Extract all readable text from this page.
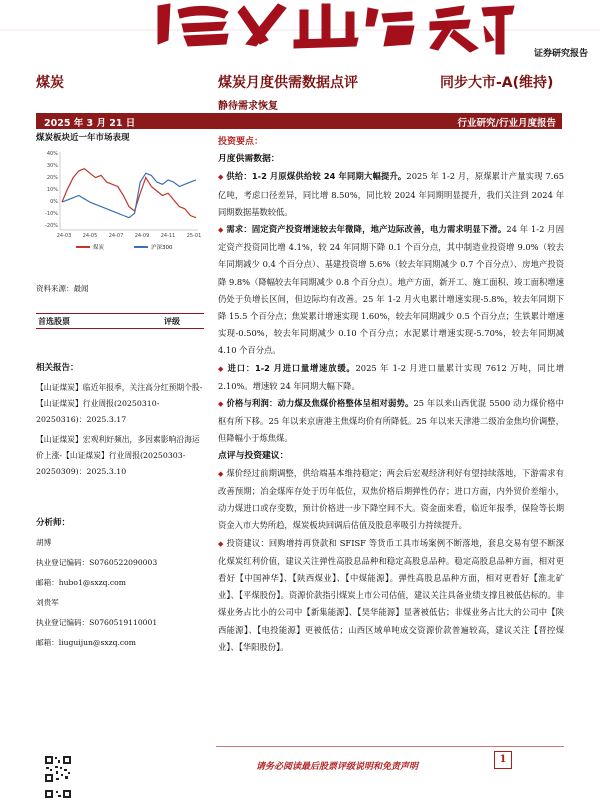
证券研究报告
煤炭	煤炭月度供需数据点评	同步大市-A(维持)
静待需求恢复
2025 年 3 月 21 日	行业研究/行业月度报告
煤炭板块近一年市场表现
40%
30%
20%
10%
0%
-10%
-20%
24-03 24-05 24-07 24-09 24-11 25-01
煤炭	沪深300
资料来源：最闻
首选股票	评级
相关报告：
【山证煤炭】临近年报季，关注高分红预期个股-【山证煤炭】行业周报(20250310-20250316)：2025.3.17
【山证煤炭】宏观利好频出，多因素影响沿海运价上涨-【山证煤炭】行业周报(20250303-20250309)：2025.3.10
分析师：
胡博
执业登记编码：S0760522090003
邮箱：hubo1@sxzq.com
刘贵军
执业登记编码：S0760519110001
邮箱：liuguijun@sxzq.com
投资要点：
月度供需数据：

◆ 供给：1-2 月原煤供给较 24 年同期大幅提升。2025 年 1-2 月，原煤累计产量实现 7.65 亿吨，考虑口径差异，同比增 8.50%，同比较 2024 年同期明显提升，我们关注到 2024 年同期数据基数较低。

◆ 需求：固定资产投资增速较去年微降，地产边际改善，电力需求明显下滑。24 年 1-2 月固定资产投资同比增 4.1%，较 24 年同期下降 0.1 个百分点，其中制造业投资增 9.0%（较去年同期减少 0.4 个百分点）、基建投资增 5.6%（较去年同期减少 0.7 个百分点）、房地产投资降 9.8%（降幅较去年同期减少 0.8 个百分点）。地产方面，新开工、施工面积、竣工面积增速仍处于负增长区间，但边际均有改善。25 年 1-2 月火电累计增速实现-5.8%，较去年同期下降 15.5 个百分点；焦炭累计增速实现 1.60%，较去年同期减少 0.5 个百分点；生铁累计增速实现-0.50%，较去年同期减少 0.10 个百分点；水泥累计增速实现-5.70%，较去年同期减 4.10 个百分点。

◆ 进口：1-2 月进口量增速放缓。2025 年 1-2 月进口量累计实现 7612 万吨，同比增 2.10%。增速较 24 年同期大幅下降。

◆ 价格与利润：动力煤及焦煤价格整体呈相对弱势。25 年以来山西优混 5500 动力煤价格中枢有所下移。25 年以来京唐港主焦煤均价有所降低。25 年以来天津港二级冶金焦均价调整，但降幅小于炼焦煤。

点评与投资建议：

◆ 煤价经过前期调整，供给端基本维持稳定；两会后宏观经济利好有望持续落地，下游需求有改善预期；冶金煤库存处于历年低位，双焦价格后期弹性仍存；进口方面，内外贸价差缩小，动力煤进口或存变数，预计价格进一步下降空间不大。资金面来看，临近年报季，保险等长期资金入市大势所趋，煤炭板块回调后估值及股息率吸引力持续提升。

◆ 投资建议：回购增持再贷款和 SFISF 等货币工具市场案例不断落地，套息交易有望不断深化煤炭红利价值，建议关注弹性高股息品种和稳定高股息品种。稳定高股息品种方面，相对更看好【中国神华】、【陕西煤业】、【中煤能源】。弹性高股息品种方面，相对更看好【淮北矿业】、【平煤股份】。资源价款指引煤炭上市公司估值，建议关注具备业绩支撑且被低估标的。非煤业务占比小的公司中【新集能源】、【昊华能源】显著被低估；非煤业务占比大的公司中【陕西能源】、【电投能源】更被低估；山西区域单吨成交资源价款普遍较高，建议关注【晋控煤业】、【华阳股份】。

请务必阅读最后股票评级说明和免责声明
1
